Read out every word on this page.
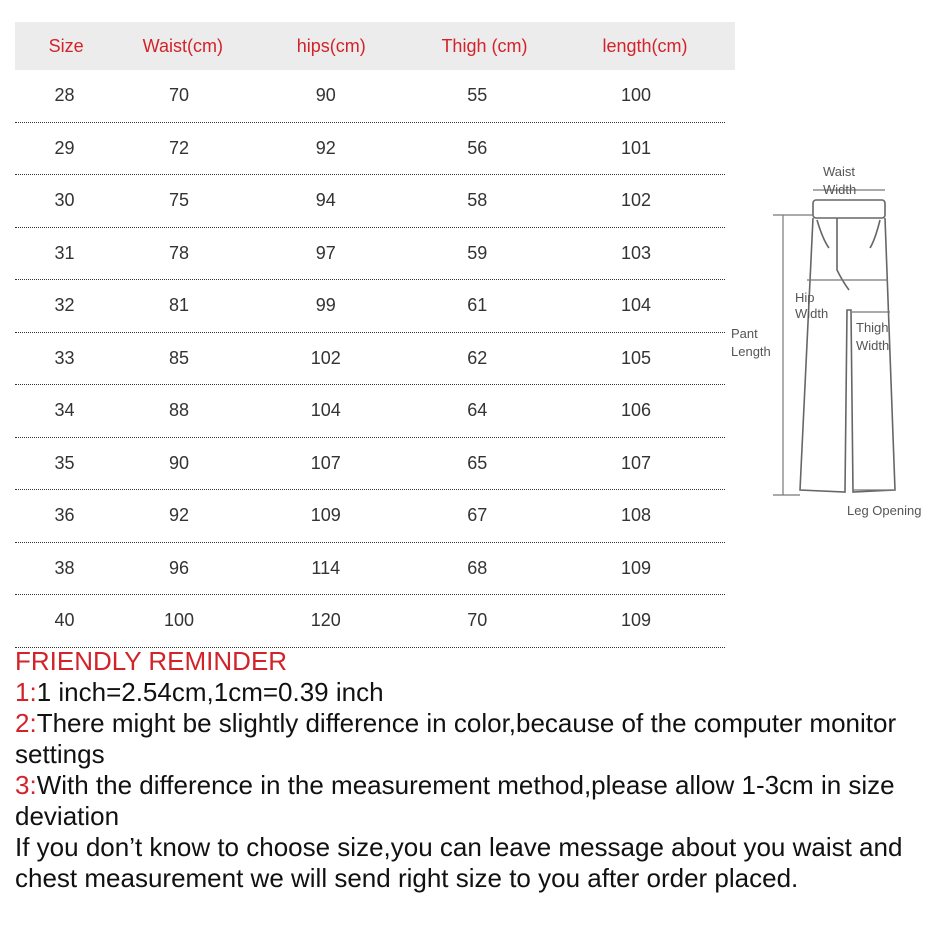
Size	Waist(cm)	hips(cm)	Thigh (cm)	length(cm)
28	70	90	55	100
29	72	92	56	101
30	75	94	58	102
31	78	97	59	103
32	81	99	61	104
33	85	102	62	105
34	88	104	64	106
35	90	107	65	107
36	92	109	67	108
38	96	114	68	109
40	100	120	70	109
Waist
Width
Hip
Width
Thigh
Width
Pant
Length
Leg Opening

FRIENDLY REMINDER

1:1 inch=2.54cm,1cm=0.39 inch

2:There might be slightly difference in color,because of the computer monitor settings

3:With the difference in the measurement method,please allow 1-3cm in size deviation

If you don’t know to choose size,you can leave message about you waist and chest measurement we will send right size to you after order placed.
